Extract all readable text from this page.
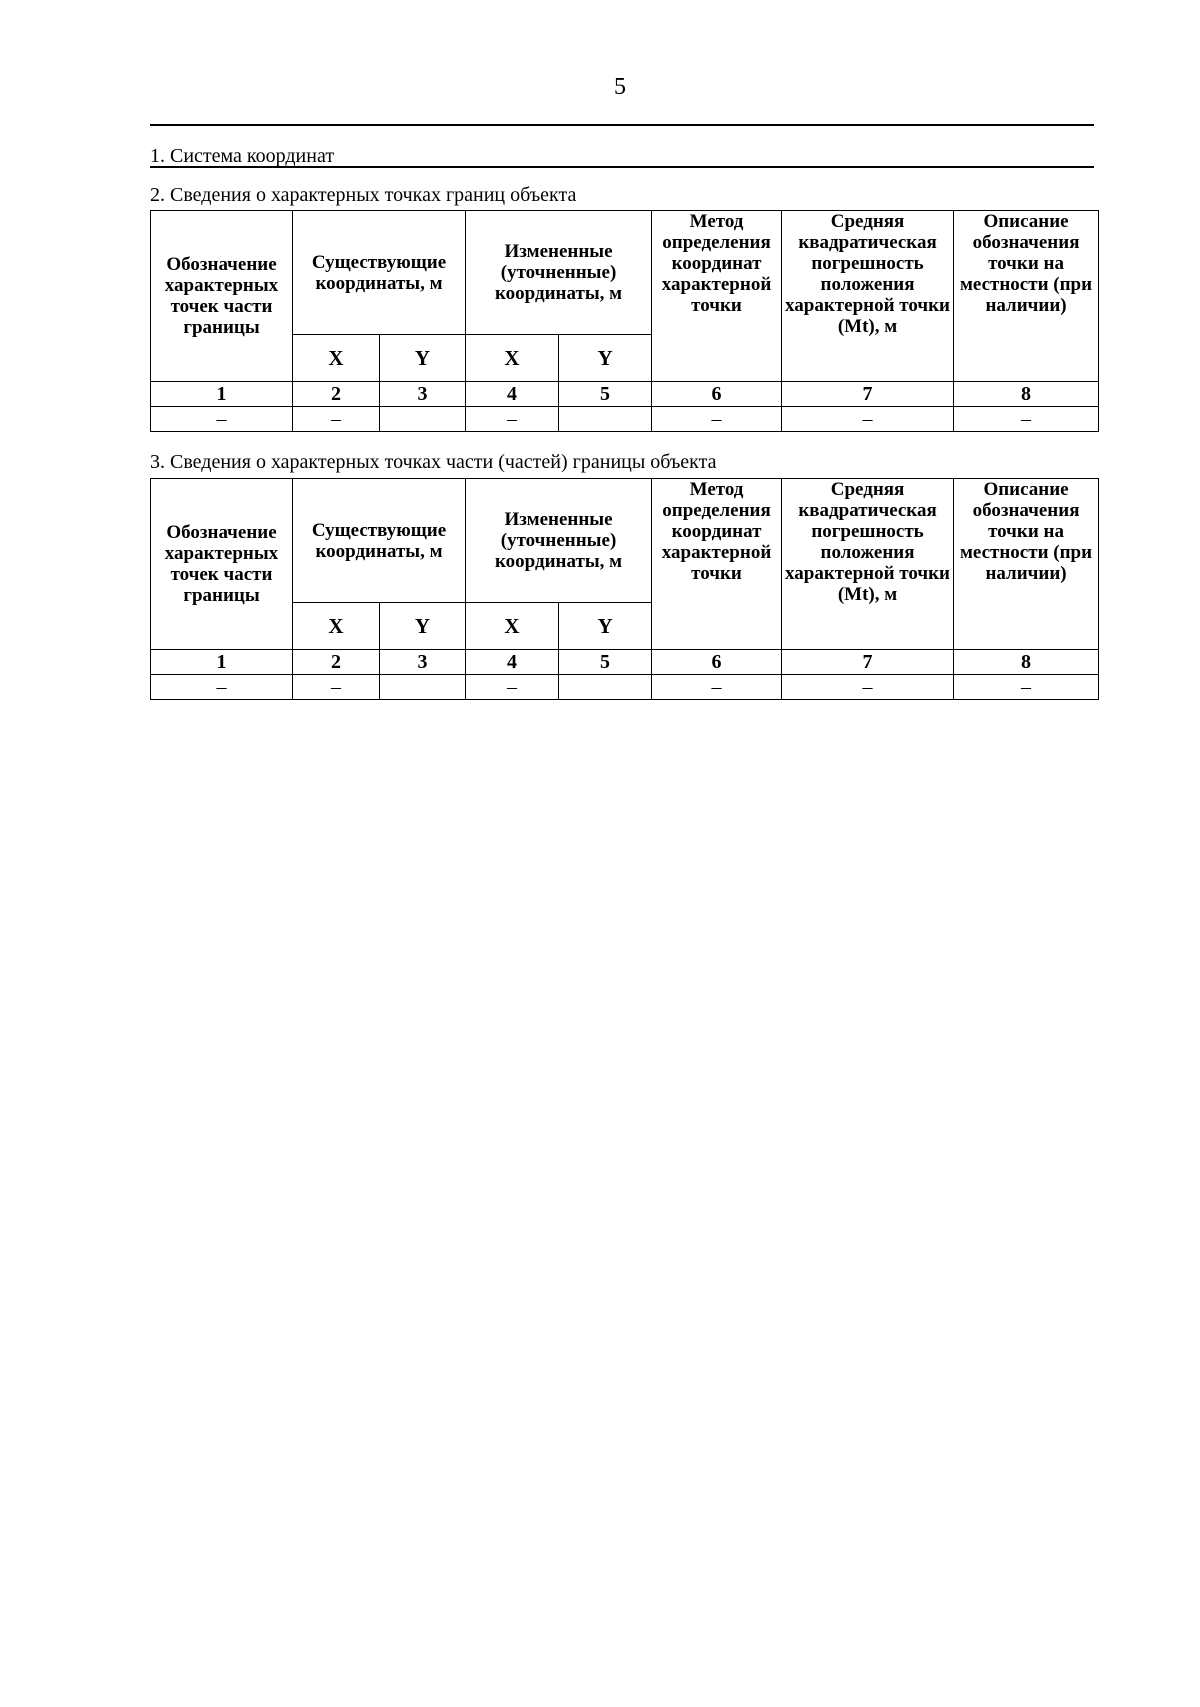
5
1. Система координат
2. Сведения о характерных точках границ объекта
Обозначение характерных точек части границы	Существующие координаты, м		Измененные (уточненные) координаты, м		Метод определения координат характерной точки	Средняя квадратическая погрешность положения характерной точки (Mt), м	Описание обозначения точки на местности (при наличии)
	X	Y	X	Y			
1	2	3	4	5	6	7	8
–	–		–		–	–	–
3. Сведения о характерных точках части (частей) границы объекта
Обозначение характерных точек части границы	Существующие координаты, м		Измененные (уточненные) координаты, м		Метод определения координат характерной точки	Средняя квадратическая погрешность положения характерной точки (Mt), м	Описание обозначения точки на местности (при наличии)
	X	Y	X	Y			
1	2	3	4	5	6	7	8
–	–		–		–	–	–
